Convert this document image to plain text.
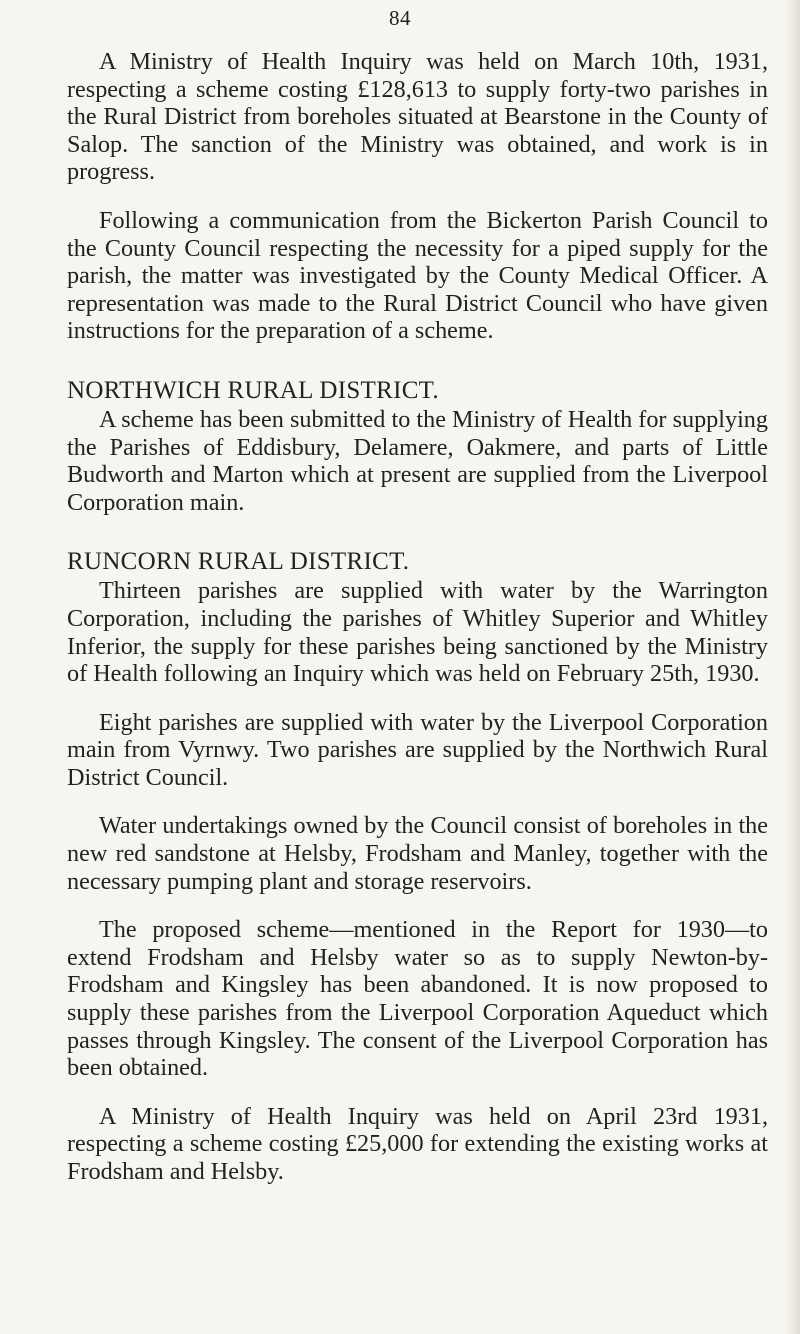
84

A Ministry of Health Inquiry was held on March 10th, 1931, respecting a scheme costing £128,613 to supply forty-two parishes in the Rural District from boreholes situated at Bearstone in the County of Salop. The sanction of the Ministry was obtained, and work is in progress.

Following a communication from the Bickerton Parish Council to the County Council respecting the necessity for a piped supply for the parish, the matter was investigated by the County Medical Officer. A representation was made to the Rural District Council who have given instructions for the preparation of a scheme.

NORTHWICH RURAL DISTRICT.

A scheme has been submitted to the Ministry of Health for supplying the Parishes of Eddisbury, Delamere, Oakmere, and parts of Little Budworth and Marton which at present are supplied from the Liverpool Corporation main.

RUNCORN RURAL DISTRICT.

Thirteen parishes are supplied with water by the Warrington Corporation, including the parishes of Whitley Superior and Whitley Inferior, the supply for these parishes being sanctioned by the Ministry of Health following an Inquiry which was held on February 25th, 1930.

Eight parishes are supplied with water by the Liverpool Corporation main from Vyrnwy. Two parishes are supplied by the Northwich Rural District Council.

Water undertakings owned by the Council consist of boreholes in the new red sandstone at Helsby, Frodsham and Manley, together with the necessary pumping plant and storage reservoirs.

The proposed scheme—mentioned in the Report for 1930—to extend Frodsham and Helsby water so as to supply Newton-by-Frodsham and Kingsley has been abandoned. It is now proposed to supply these parishes from the Liverpool Corporation Aqueduct which passes through Kingsley. The consent of the Liverpool Corporation has been obtained.

A Ministry of Health Inquiry was held on April 23rd 1931, respecting a scheme costing £25,000 for extending the existing works at Frodsham and Helsby.
